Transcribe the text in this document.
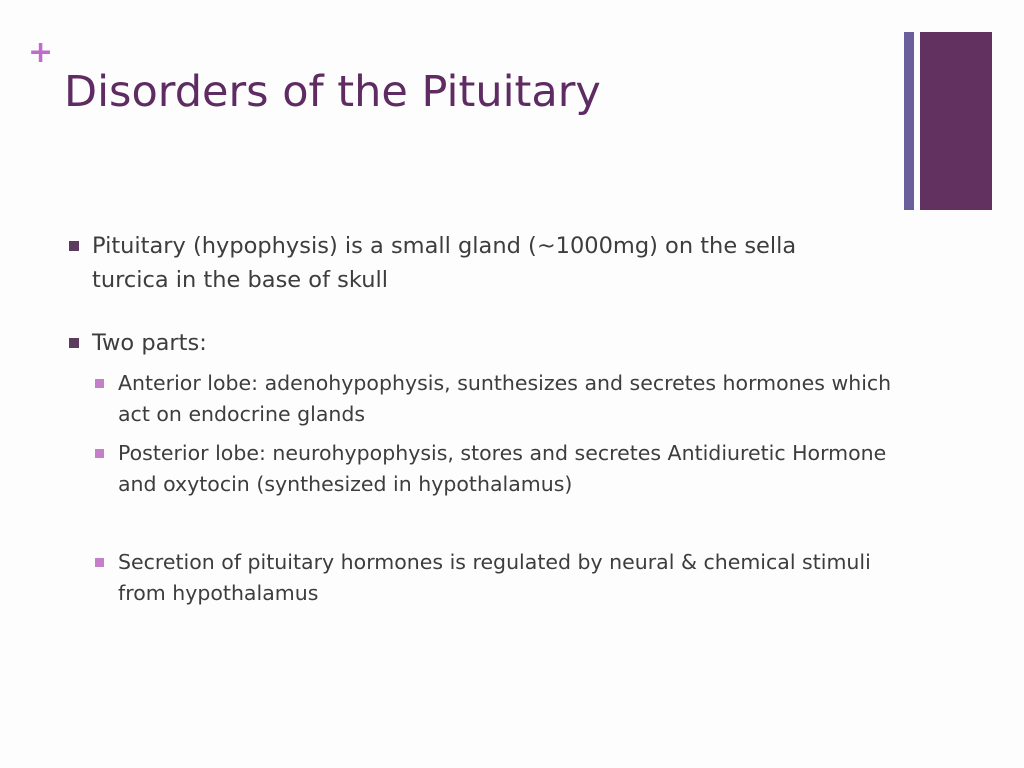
+
Disorders of the Pituitary
Pituitary (hypophysis) is a small gland (~1000mg) on the sella turcica in the base of skull
Two parts:
Anterior lobe: adenohypophysis, sunthesizes and secretes hormones which act on endocrine glands
Posterior lobe: neurohypophysis, stores and secretes Antidiuretic Hormone and oxytocin (synthesized in hypothalamus)
Secretion of pituitary hormones is regulated by neural & chemical stimuli from hypothalamus
